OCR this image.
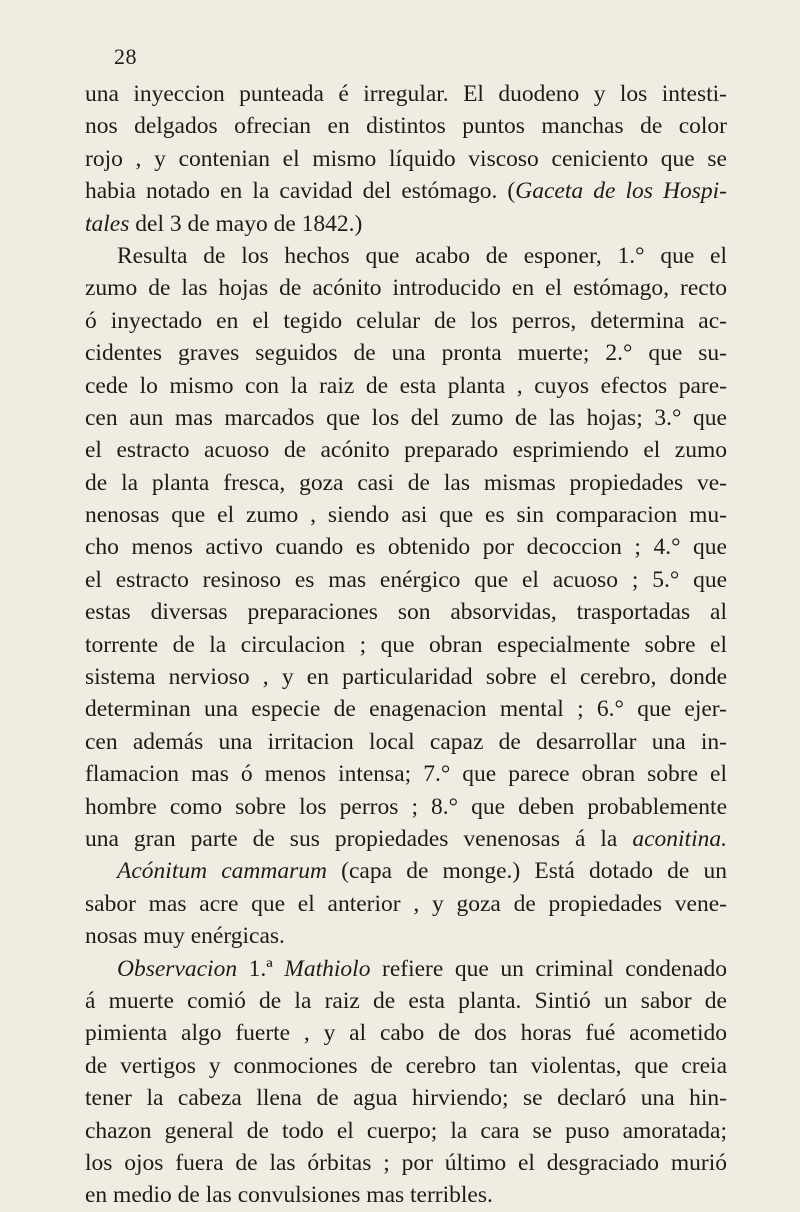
28
una inyeccion punteada é irregular. El duodeno y los intesti-
nos delgados ofrecian en distintos puntos manchas de color
rojo , y contenian el mismo líquido viscoso ceniciento que se
habia notado en la cavidad del estómago. (Gaceta de los Hospi-
tales del 3 de mayo de 1842.)
Resulta de los hechos que acabo de esponer, 1.° que el
zumo de las hojas de acónito introducido en el estómago, recto
ó inyectado en el tegido celular de los perros, determina ac-
cidentes graves seguidos de una pronta muerte; 2.° que su-
cede lo mismo con la raiz de esta planta , cuyos efectos pare-
cen aun mas marcados que los del zumo de las hojas; 3.° que
el estracto acuoso de acónito preparado esprimiendo el zumo
de la planta fresca, goza casi de las mismas propiedades ve-
nenosas que el zumo , siendo asi que es sin comparacion mu-
cho menos activo cuando es obtenido por decoccion ; 4.° que
el estracto resinoso es mas enérgico que el acuoso ; 5.° que
estas diversas preparaciones son absorvidas, trasportadas al
torrente de la circulacion ; que obran especialmente sobre el
sistema nervioso , y en particularidad sobre el cerebro, donde
determinan una especie de enagenacion mental ; 6.° que ejer-
cen además una irritacion local capaz de desarrollar una in-
flamacion mas ó menos intensa; 7.° que parece obran sobre el
hombre como sobre los perros ; 8.° que deben probablemente
una gran parte de sus propiedades venenosas á la aconitina.
Acónitum cammarum (capa de monge.) Está dotado de un
sabor mas acre que el anterior , y goza de propiedades vene-
nosas muy enérgicas.
Observacion 1.ª Mathiolo refiere que un criminal condenado
á muerte comió de la raiz de esta planta. Sintió un sabor de
pimienta algo fuerte , y al cabo de dos horas fué acometido
de vertigos y conmociones de cerebro tan violentas, que creia
tener la cabeza llena de agua hirviendo; se declaró una hin-
chazon general de todo el cuerpo; la cara se puso amoratada;
los ojos fuera de las órbitas ; por último el desgraciado murió
en medio de las convulsiones mas terribles.
